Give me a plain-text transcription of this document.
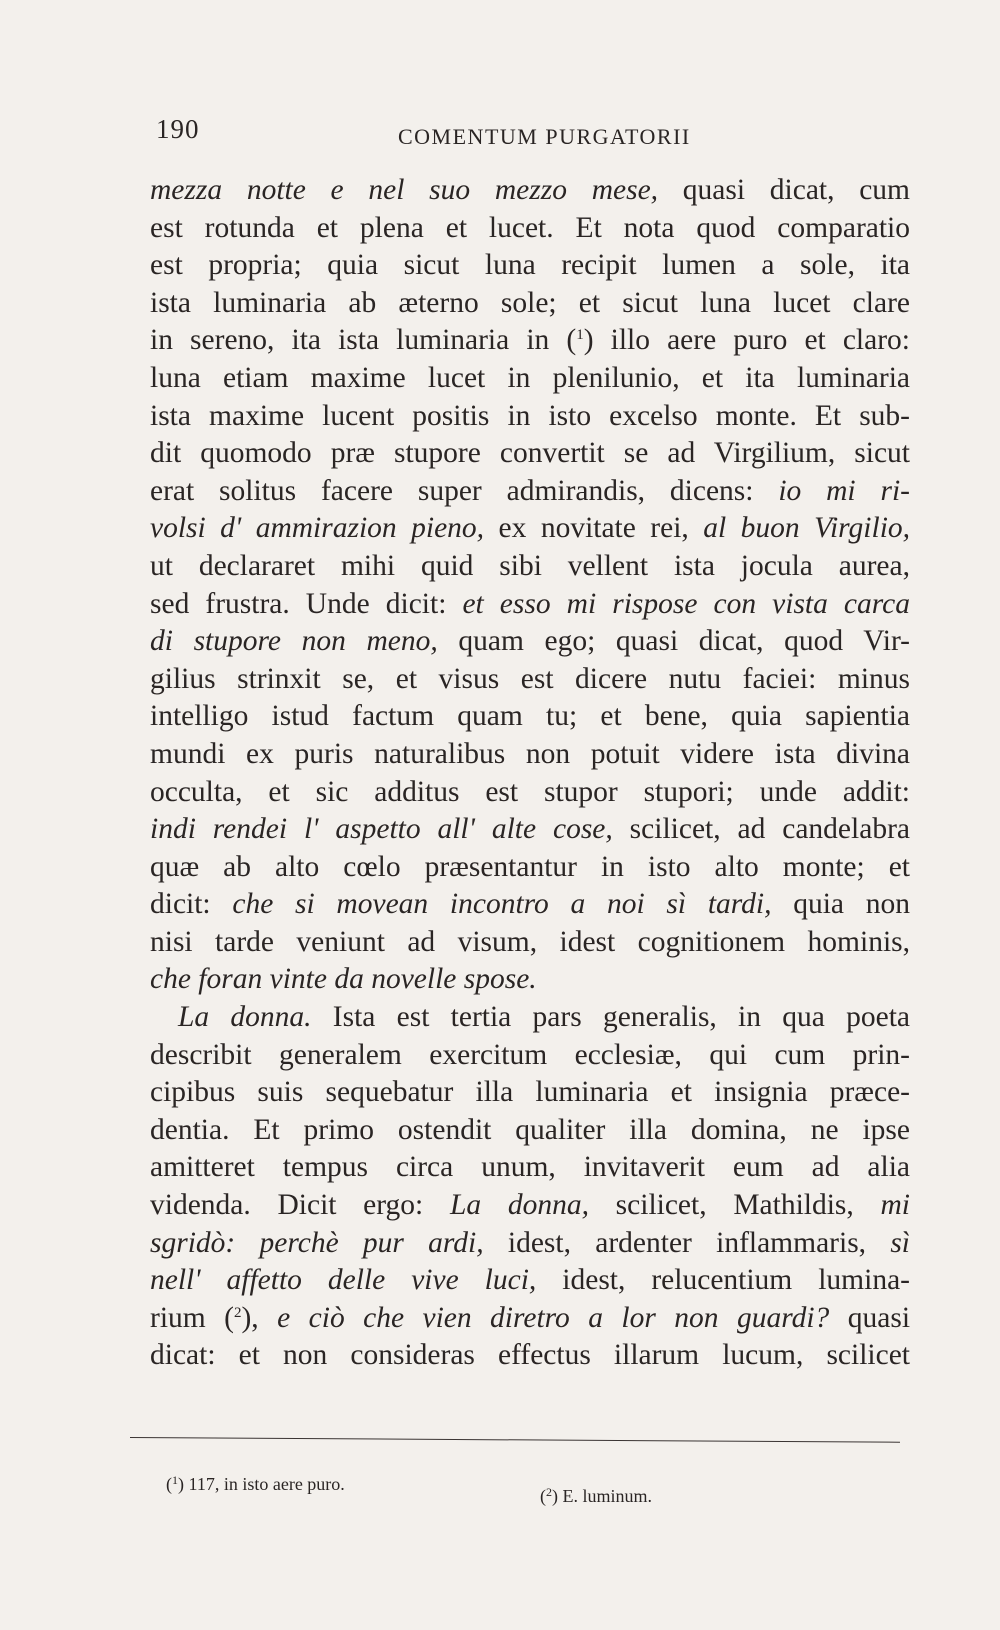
190	COMENTUM PURGATORII
mezza notte e nel suo mezzo mese, quasi dicat, cum
est rotunda et plena et lucet. Et nota quod comparatio
est propria; quia sicut luna recipit lumen a sole, ita
ista luminaria ab æterno sole; et sicut luna lucet clare
in sereno, ita ista luminaria in ($^1$) illo aere puro et claro:
luna etiam maxime lucet in plenilunio, et ita luminaria
ista maxime lucent positis in isto excelso monte. Et sub-
dit quomodo præ stupore convertit se ad Virgilium, sicut
erat solitus facere super admirandis, dicens: io mi ri-
volsi d' ammirazion pieno, ex novitate rei, al buon Virgilio,
ut declararet mihi quid sibi vellent ista jocula aurea,
sed frustra. Unde dicit: et esso mi rispose con vista carca
di stupore non meno, quam ego; quasi dicat, quod Vir-
gilius strinxit se, et visus est dicere nutu faciei: minus
intelligo istud factum quam tu; et bene, quia sapientia
mundi ex puris naturalibus non potuit videre ista divina
occulta, et sic additus est stupor stupori; unde addit:
indi rendei l' aspetto all' alte cose, scilicet, ad candelabra
quæ ab alto cœlo præsentantur in isto alto monte; et
dicit: che si movean incontro a noi sì tardi, quia non
nisi tarde veniunt ad visum, idest cognitionem hominis,
che foran vinte da novelle spose.
La donna. Ista est tertia pars generalis, in qua poeta
describit generalem exercitum ecclesiæ, qui cum prin-
cipibus suis sequebatur illa luminaria et insignia præce-
dentia. Et primo ostendit qualiter illa domina, ne ipse
amitteret tempus circa unum, invitaverit eum ad alia
videnda. Dicit ergo: La donna, scilicet, Mathildis, mi
sgridò: perchè pur ardi, idest, ardenter inflammaris, sì
nell' affetto delle vive luci, idest, relucentium lumina-
rium ($^2$), e ciò che vien diretro a lor non guardi? quasi
dicat: et non consideras effectus illarum lucum, scilicet
($^1$) 117, in isto aere puro.
($^2$) E. luminum.
